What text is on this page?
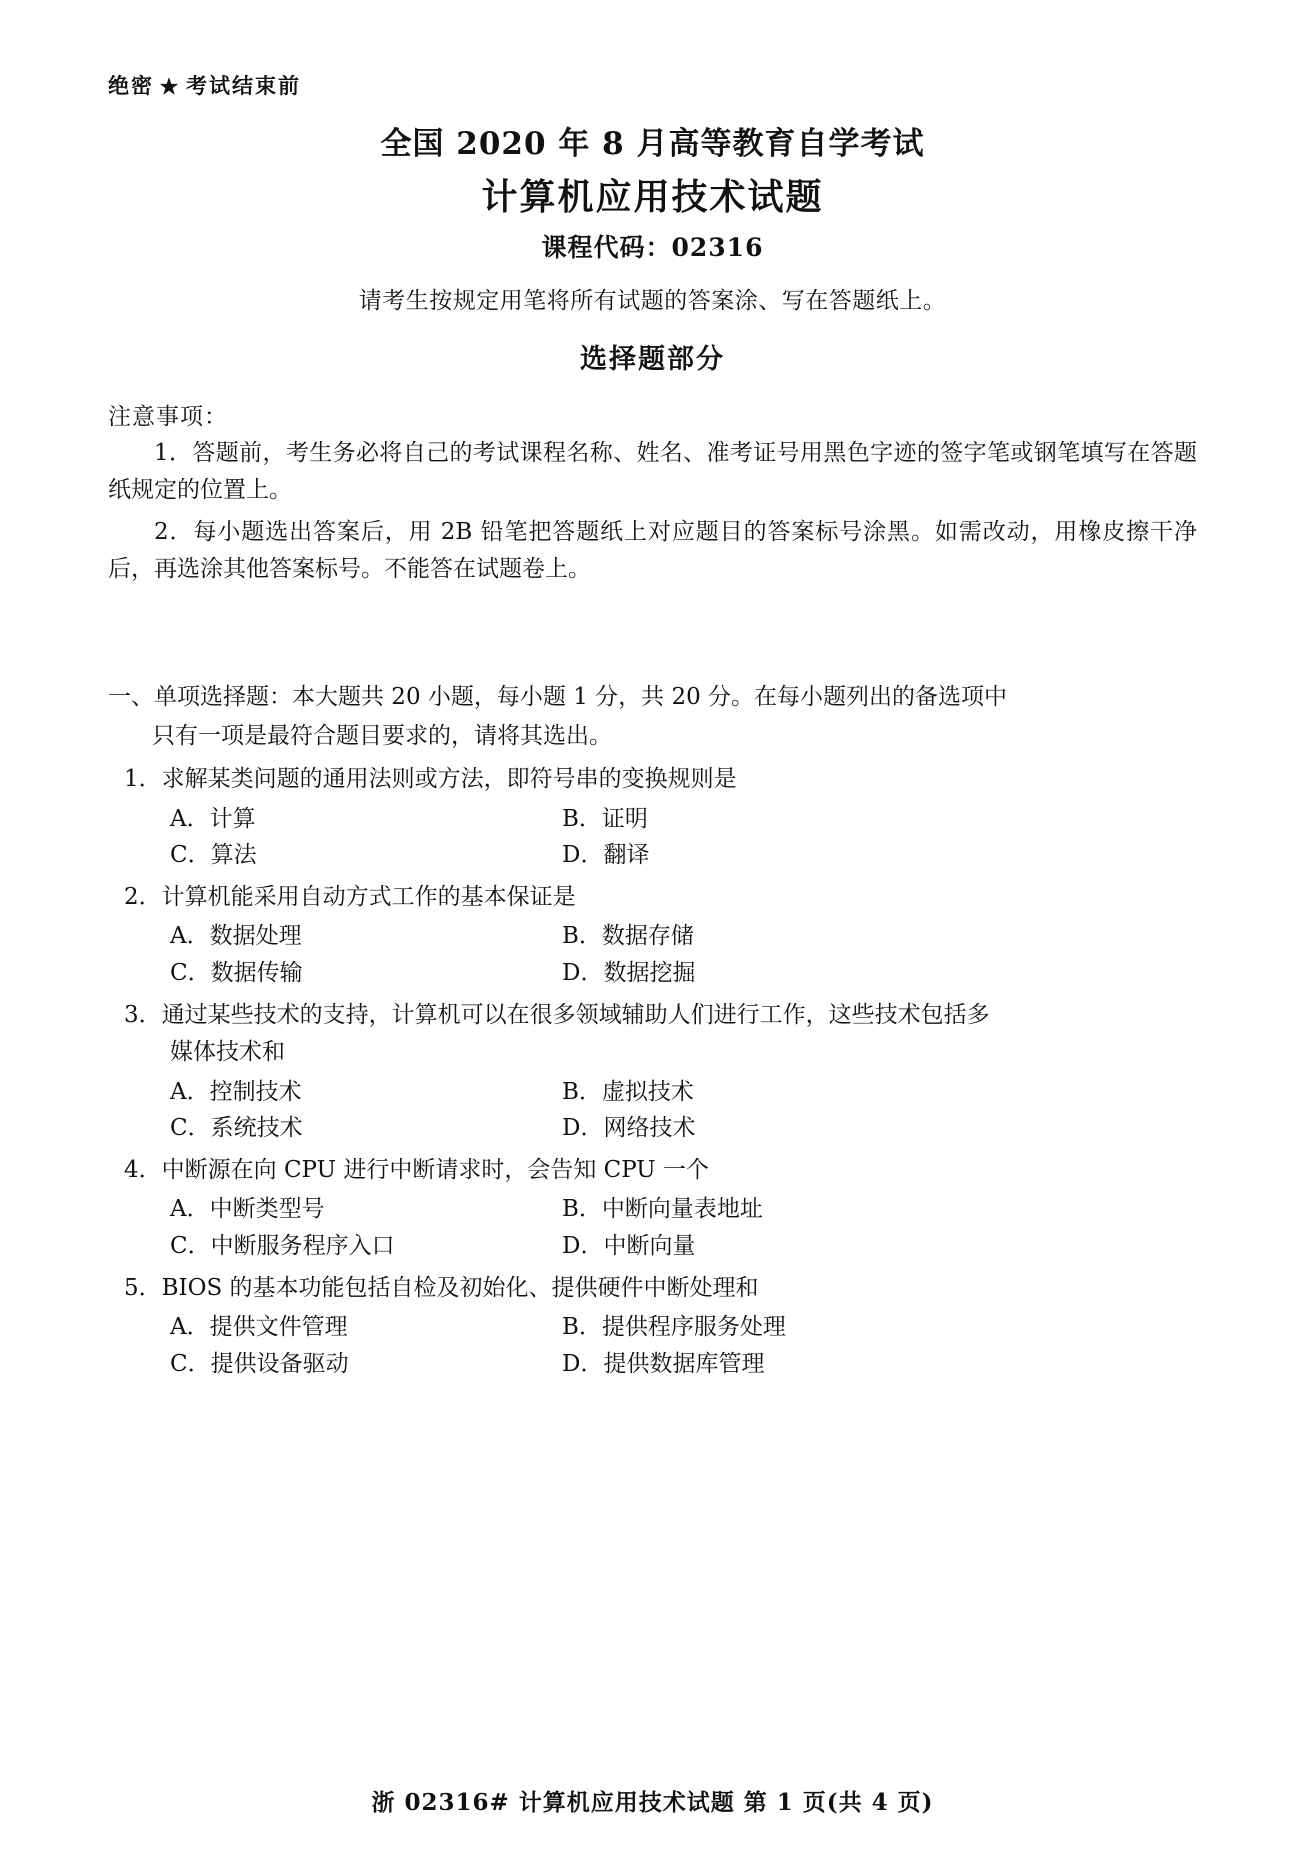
绝密 ★ 考试结束前
全国 2020 年 8 月高等教育自学考试
计算机应用技术试题
课程代码：02316
请考生按规定用笔将所有试题的答案涂、写在答题纸上。
选择题部分
注意事项：
1．答题前，考生务必将自己的考试课程名称、姓名、准考证号用黑色字迹的签字笔或钢笔填写在答题纸规定的位置上。
2．每小题选出答案后，用 2B 铅笔把答题纸上对应题目的答案标号涂黑。如需改动，用橡皮擦干净后，再选涂其他答案标号。不能答在试题卷上。
一、单项选择题：本大题共 20 小题，每小题 1 分，共 20 分。在每小题列出的备选项中
只有一项是最符合题目要求的，请将其选出。
1．求解某类问题的通用法则或方法，即符号串的变换规则是
A．计算	B．证明
C．算法	D．翻译
2．计算机能采用自动方式工作的基本保证是
A．数据处理	B．数据存储
C．数据传输	D．数据挖掘
3．通过某些技术的支持，计算机可以在很多领域辅助人们进行工作，这些技术包括多
媒体技术和
A．控制技术	B．虚拟技术
C．系统技术	D．网络技术
4．中断源在向 CPU 进行中断请求时，会告知 CPU 一个
A．中断类型号	B．中断向量表地址
C．中断服务程序入口	D．中断向量
5．BIOS 的基本功能包括自检及初始化、提供硬件中断处理和
A．提供文件管理	B．提供程序服务处理
C．提供设备驱动	D．提供数据库管理
浙 02316# 计算机应用技术试题 第 1 页(共 4 页)
